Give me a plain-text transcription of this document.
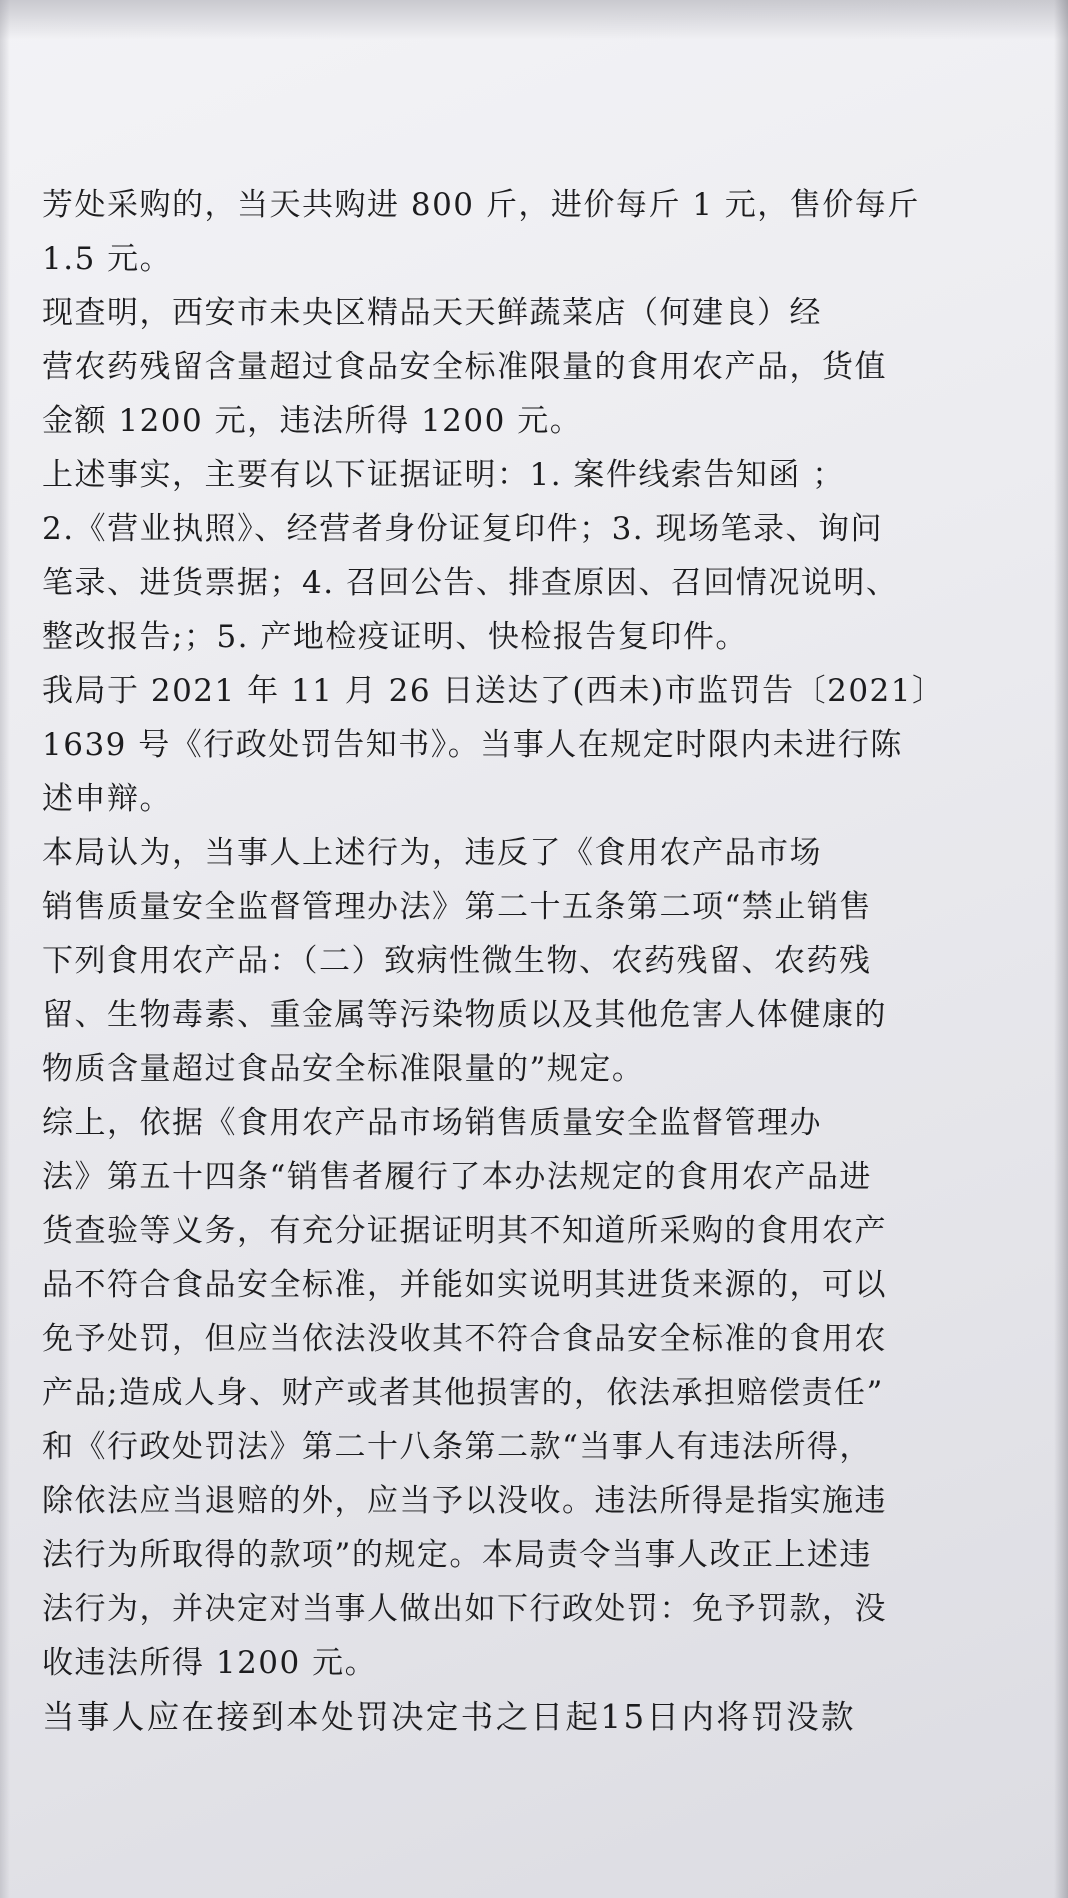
芳处采购的，当天共购进 800 斤，进价每斤 1 元，售价每斤
1.5 元。
现查明，西安市未央区精品天天鲜蔬菜店（何建良）经
营农药残留含量超过食品安全标准限量的食用农产品，货值
金额 1200 元，违法所得 1200 元。
上述事实，主要有以下证据证明：1. 案件线索告知函 ；
2.《营业执照》、经营者身份证复印件；3. 现场笔录、询问
笔录、进货票据；4. 召回公告、排查原因、召回情况说明、
整改报告;；5. 产地检疫证明、快检报告复印件。
我局于 2021 年 11 月 26 日送达了(西未)市监罚告〔2021〕
1639 号《行政处罚告知书》。当事人在规定时限内未进行陈
述申辩。
本局认为，当事人上述行为，违反了《食用农产品市场
销售质量安全监督管理办法》第二十五条第二项“禁止销售
下列食用农产品：（二）致病性微生物、农药残留、农药残
留、生物毒素、重金属等污染物质以及其他危害人体健康的
物质含量超过食品安全标准限量的”规定。
综上，依据《食用农产品市场销售质量安全监督管理办
法》第五十四条“销售者履行了本办法规定的食用农产品进
货查验等义务，有充分证据证明其不知道所采购的食用农产
品不符合食品安全标准，并能如实说明其进货来源的，可以
免予处罚，但应当依法没收其不符合食品安全标准的食用农
产品;造成人身、财产或者其他损害的，依法承担赔偿责任”
和《行政处罚法》第二十八条第二款“当事人有违法所得，
除依法应当退赔的外，应当予以没收。违法所得是指实施违
法行为所取得的款项”的规定。本局责令当事人改正上述违
法行为，并决定对当事人做出如下行政处罚：免予罚款，没
收违法所得 1200 元。
当事人应在接到本处罚决定书之日起15日内将罚没款
